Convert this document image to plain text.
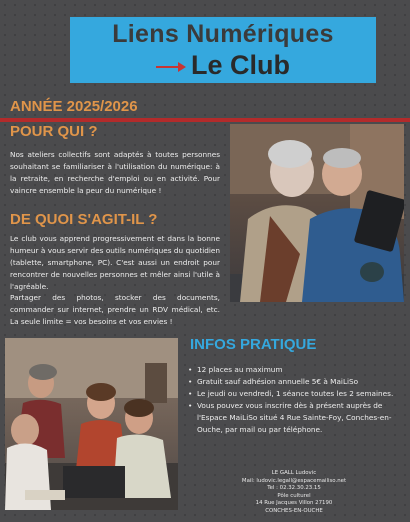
Liens Numériques
Le Club
ANNÉE 2025/2026
POUR QUI ?
Nos ateliers collectifs sont adaptés à toutes personnes souhaitant se familiariser à l'utilisation du numérique: à la retraite, en recherche d'emploi ou en activité. Pour vaincre ensemble la peur du numérique !
DE QUOI S'AGIT-IL ?
Le club vous apprend progressivement et dans la bonne humeur à vous servir des outils numériques du quotidien (tablette, smartphone, PC). C'est aussi un endroit pour rencontrer de nouvelles personnes et mêler ainsi l'utile à l'agréable.
Partager des photos, stocker des documents, commander sur internet, prendre un RDV médical, etc. La seule limite = vos besoins et vos envies !
INFOS PRATIQUE
• 12 places au maximum
• Gratuit sauf adhésion annuelle 5€ à MaiLiSo
• Le jeudi ou vendredi, 1 séance toutes les 2 semaines.
• Vous pouvez vous inscrire dès à présent auprès de l'Espace MaiLiSo situé 4 Rue Sainte-Foy, Conches-en-Ouche, par mail ou par téléphone.
LE GALL Ludovic
Mail: ludovic.legall@espacemailiso.net
Tel : 02.32.30.23.15
Pôle culturel
14 Rue Jacques Villon 27190
CONCHES-EN-OUCHE
